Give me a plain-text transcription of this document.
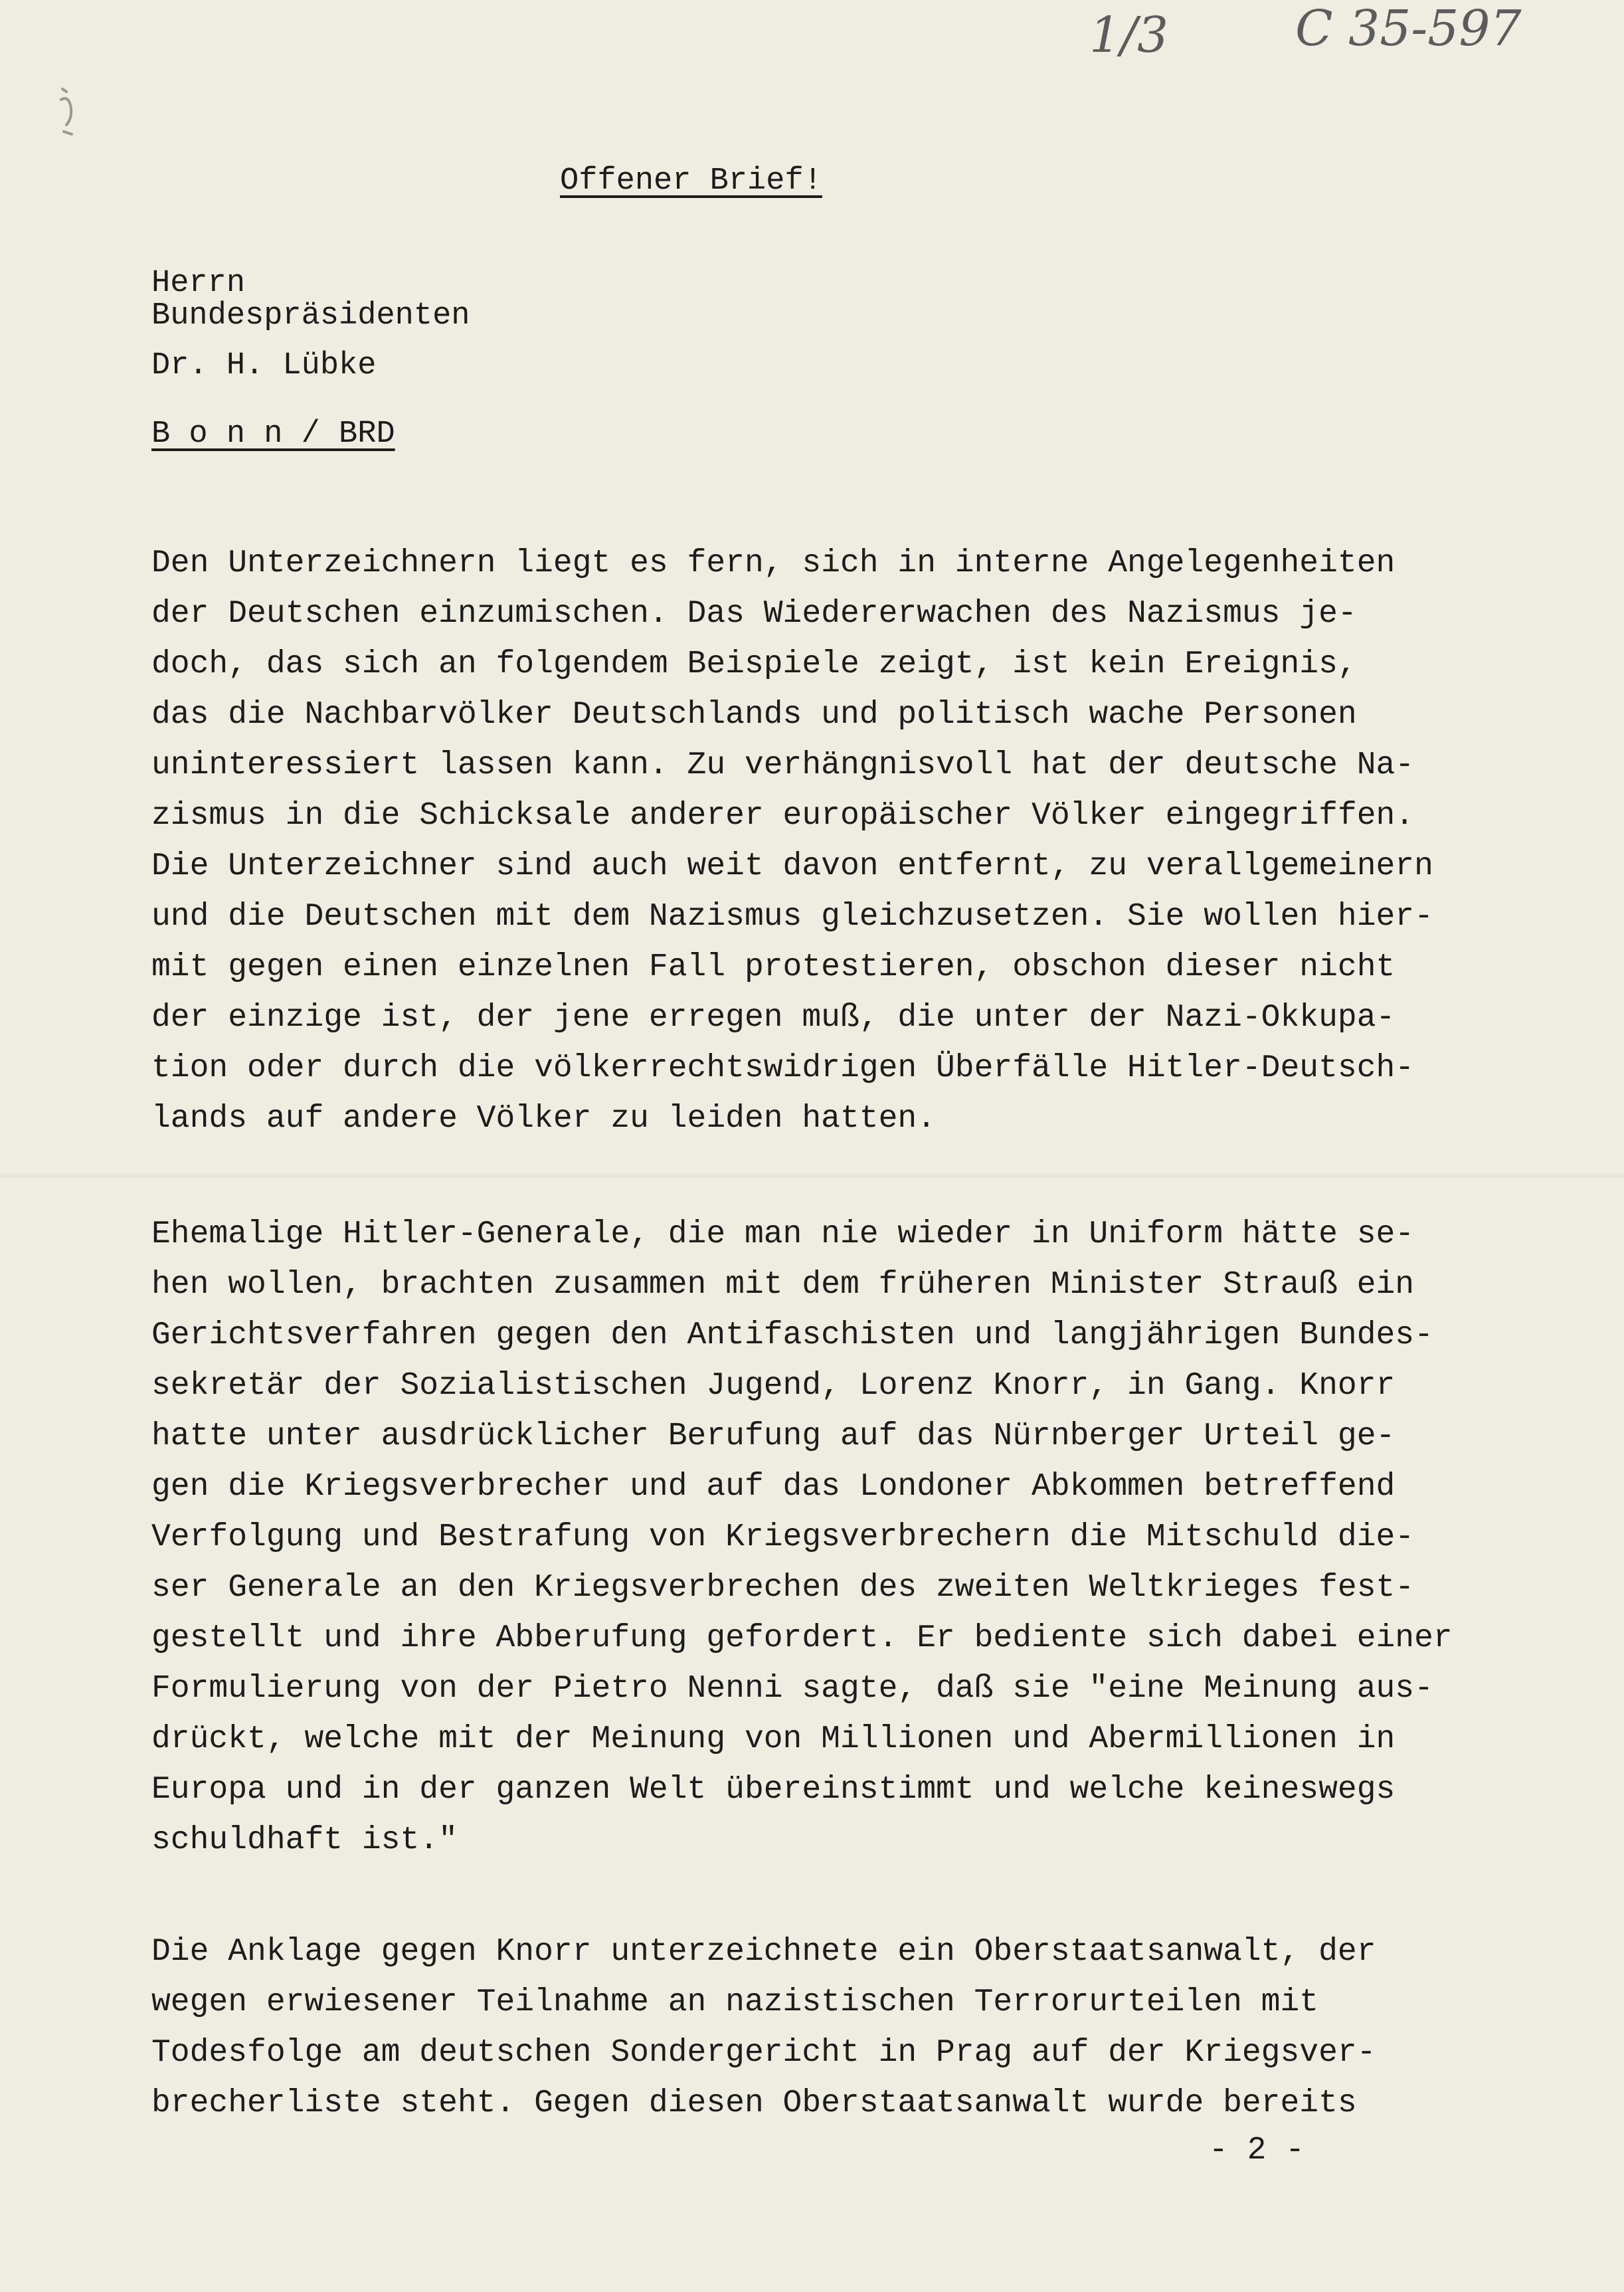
1/3	C 35-597
Offener Brief!
Herrn
Bundespräsidenten
Dr. H. Lübke
B o n n / BRD
Den Unterzeichnern liegt es fern, sich in interne Angelegenheiten
der Deutschen einzumischen. Das Wiedererwachen des Nazismus je-
doch, das sich an folgendem Beispiele zeigt, ist kein Ereignis,
das die Nachbarvölker Deutschlands und politisch wache Personen
uninteressiert lassen kann. Zu verhängnisvoll hat der deutsche Na-
zismus in die Schicksale anderer europäischer Völker eingegriffen.
Die Unterzeichner sind auch weit davon entfernt, zu verallgemeinern
und die Deutschen mit dem Nazismus gleichzusetzen. Sie wollen hier-
mit gegen einen einzelnen Fall protestieren, obschon dieser nicht
der einzige ist, der jene erregen muß, die unter der Nazi-Okkupa-
tion oder durch die völkerrechtswidrigen Überfälle Hitler-Deutsch-
lands auf andere Völker zu leiden hatten.
Ehemalige Hitler-Generale, die man nie wieder in Uniform hätte se-
hen wollen, brachten zusammen mit dem früheren Minister Strauß ein
Gerichtsverfahren gegen den Antifaschisten und langjährigen Bundes-
sekretär der Sozialistischen Jugend, Lorenz Knorr, in Gang. Knorr
hatte unter ausdrücklicher Berufung auf das Nürnberger Urteil ge-
gen die Kriegsverbrecher und auf das Londoner Abkommen betreffend
Verfolgung und Bestrafung von Kriegsverbrechern die Mitschuld die-
ser Generale an den Kriegsverbrechen des zweiten Weltkrieges fest-
gestellt und ihre Abberufung gefordert. Er bediente sich dabei einer
Formulierung von der Pietro Nenni sagte, daß sie "eine Meinung aus-
drückt, welche mit der Meinung von Millionen und Abermillionen in
Europa und in der ganzen Welt übereinstimmt und welche keineswegs
schuldhaft ist."
Die Anklage gegen Knorr unterzeichnete ein Oberstaatsanwalt, der
wegen erwiesener Teilnahme an nazistischen Terrorurteilen mit
Todesfolge am deutschen Sondergericht in Prag auf der Kriegsver-
brecherliste steht. Gegen diesen Oberstaatsanwalt wurde bereits
- 2 -
